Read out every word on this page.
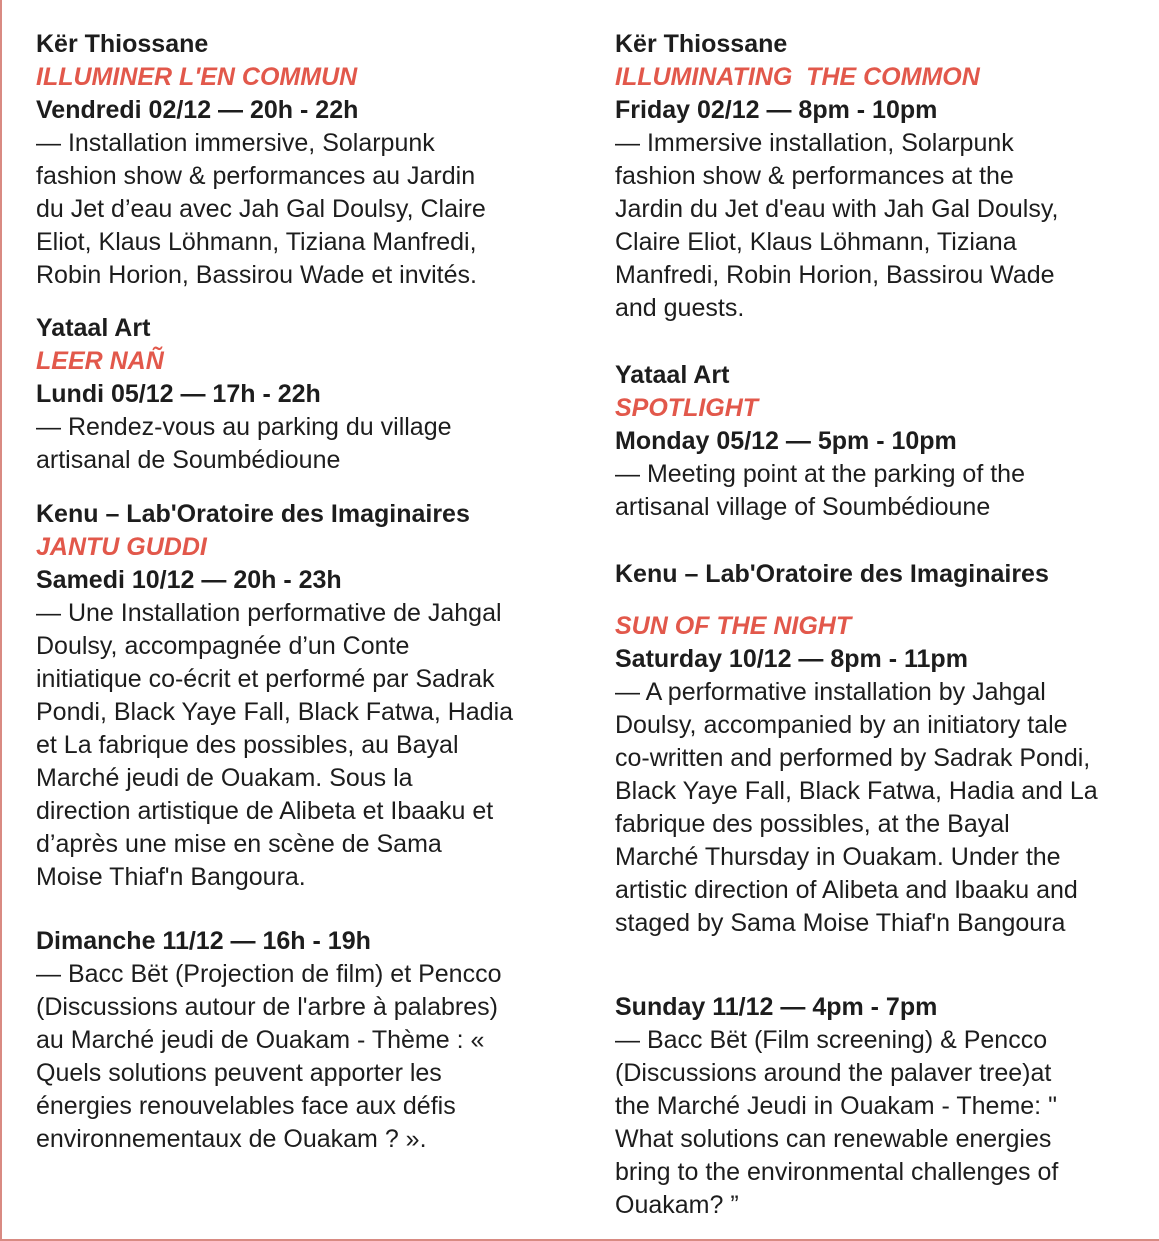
Kër Thiossane
ILLUMINER L'EN COMMUN
Vendredi 02/12 — 20h - 22h
— Installation immersive, Solarpunk
fashion show & performances au Jardin
du Jet d’eau avec Jah Gal Doulsy, Claire
Eliot, Klaus Löhmann, Tiziana Manfredi,
Robin Horion, Bassirou Wade et invités.
Yataal Art
LEER NAÑ
Lundi 05/12 — 17h - 22h
— Rendez-vous au parking du village
artisanal de Soumbédioune
Kenu – Lab'Oratoire des Imaginaires
JANTU GUDDI
Samedi 10/12 — 20h - 23h
— Une Installation performative de Jahgal
Doulsy, accompagnée d’un Conte
initiatique co-écrit et performé par Sadrak
Pondi, Black Yaye Fall, Black Fatwa, Hadia
et La fabrique des possibles, au Bayal
Marché jeudi de Ouakam. Sous la
direction artistique de Alibeta et Ibaaku et
d’après une mise en scène de Sama
Moise Thiaf'n Bangoura.
Dimanche 11/12 — 16h - 19h
— Bacc Bët (Projection de film) et Pencco
(Discussions autour de l'arbre à palabres)
au Marché jeudi de Ouakam - Thème : «
Quels solutions peuvent apporter les
énergies renouvelables face aux défis
environnementaux de Ouakam ? ».
Kër Thiossane
ILLUMINATING  THE COMMON
Friday 02/12 — 8pm - 10pm
— Immersive installation, Solarpunk
fashion show & performances at the
Jardin du Jet d'eau with Jah Gal Doulsy,
Claire Eliot, Klaus Löhmann, Tiziana
Manfredi, Robin Horion, Bassirou Wade
and guests.
Yataal Art
SPOTLIGHT
Monday 05/12 — 5pm - 10pm
— Meeting point at the parking of the
artisanal village of Soumbédioune
Kenu – Lab'Oratoire des Imaginaires
SUN OF THE NIGHT
Saturday 10/12 — 8pm - 11pm
— A performative installation by Jahgal
Doulsy, accompanied by an initiatory tale
co-written and performed by Sadrak Pondi,
Black Yaye Fall, Black Fatwa, Hadia and La
fabrique des possibles, at the Bayal
Marché Thursday in Ouakam. Under the
artistic direction of Alibeta and Ibaaku and
staged by Sama Moise Thiaf'n Bangoura
Sunday 11/12 — 4pm - 7pm
— Bacc Bët (Film screening) & Pencco
(Discussions around the palaver tree)at
the Marché Jeudi in Ouakam - Theme: "
What solutions can renewable energies
bring to the environmental challenges of
Ouakam? ”
